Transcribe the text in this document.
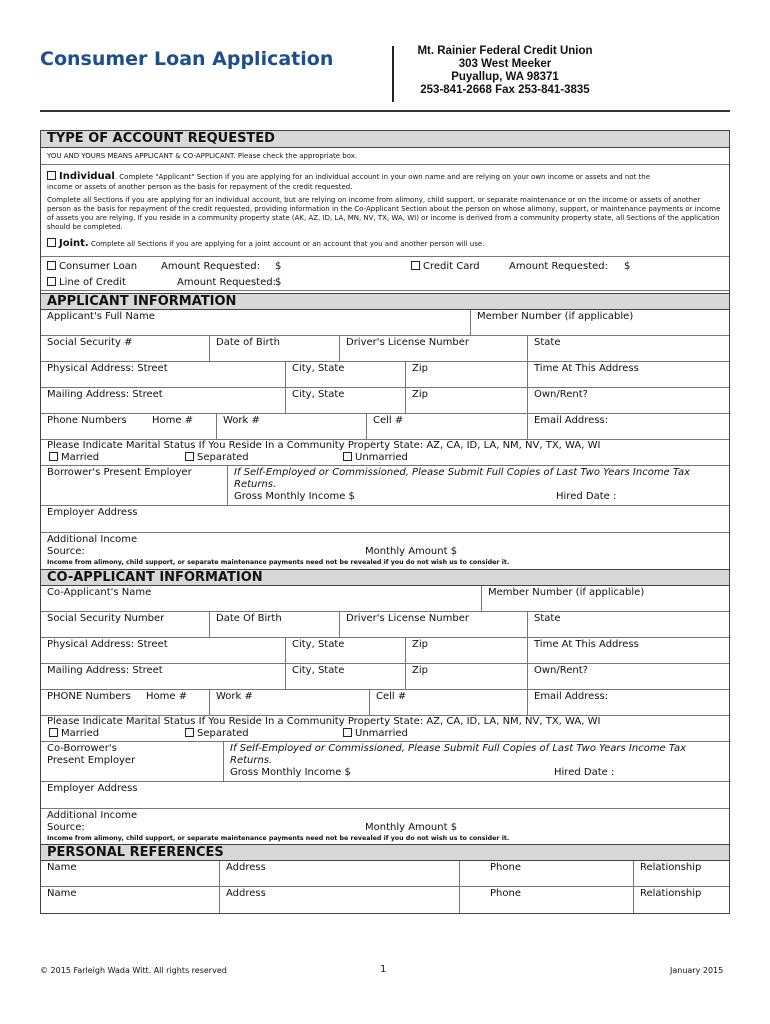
Consumer Loan Application	Mt. Rainier Federal Credit Union
303 West Meeker
Puyallup, WA 98371
253-841-2668 Fax 253-841-3835
TYPE OF ACCOUNT REQUESTED
YOU AND YOURS MEANS APPLICANT & CO-APPLICANT. Please check the appropriate box.
Individual. Complete "Applicant" Section if you are applying for an individual account in your own name and are relying on your own income or assets and not the
income or assets of another person as the basis for repayment of the credit requested.
Complete all Sections if you are applying for an individual account, but are relying on income from alimony, child support, or separate maintenance or on the income or assets of another person as the basis for repayment of the credit requested, providing information in the Co-Applicant Section about the person on whose alimony, support, or maintenance payments or income of assets you are relying. If you reside in a community property state (AK, AZ, ID, LA, MN, NV, TX, WA, WI) or income is derived from a community property state, all Sections of the application should be completed.
Joint. Complete all Sections if you are applying for a joint account or an account that you and another person will use.
Consumer Loan Amount Requested: $	Credit Card	Amount Requested: $
Line of Credit	Amount Requested: $
APPLICANT INFORMATION
Applicant's Full Name	Member Number (if applicable)
Social Security #	Date of Birth	Driver's License Number	State
Physical Address: Street	City, State	Zip	Time At This Address
Mailing Address: Street	City, State	Zip	Own/Rent?
Phone Numbers	Home #	Work #	Cell #	Email Address:
Please Indicate Marital Status If You Reside In a Community Property State: AZ, CA, ID, LA, NM, NV, TX, WA, WI
Married	Separated	Unmarried
Borrower's Present Employer	If Self-Employed or Commissioned, Please Submit Full Copies of Last Two Years Income Tax
Returns.
Gross Monthly Income $	Hired Date :
Employer Address
Additional Income
Source:	Monthly Amount $
Income from alimony, child support, or separate maintenance payments need not be revealed if you do not wish us to consider it.
CO-APPLICANT INFORMATION
Co-Applicant's Name	Member Number (if applicable)
Social Security Number	Date Of Birth	Driver's License Number	State
Physical Address: Street	City, State	Zip	Time At This Address
Mailing Address: Street	City, State	Zip	Own/Rent?
PHONE Numbers Home #	Work #	Cell #	Email Address:
Please Indicate Marital Status If You Reside In a Community Property State: AZ, CA, ID, LA, NM, NV, TX, WA, WI
Married	Separated	Unmarried
Co-Borrower's
Present Employer
If Self-Employed or Commissioned, Please Submit Full Copies of Last Two Years Income Tax
Returns.
Gross Monthly Income $	Hired Date :
Employer Address
Additional Income
Source:	Monthly Amount $
Income from alimony, child support, or separate maintenance payments need not be revealed if you do not wish us to consider it.
PERSONAL REFERENCES
Name	Address	Phone	Relationship
Name	Address	Phone	Relationship
© 2015 Farleigh Wada Witt. All rights reserved	1	January 2015
